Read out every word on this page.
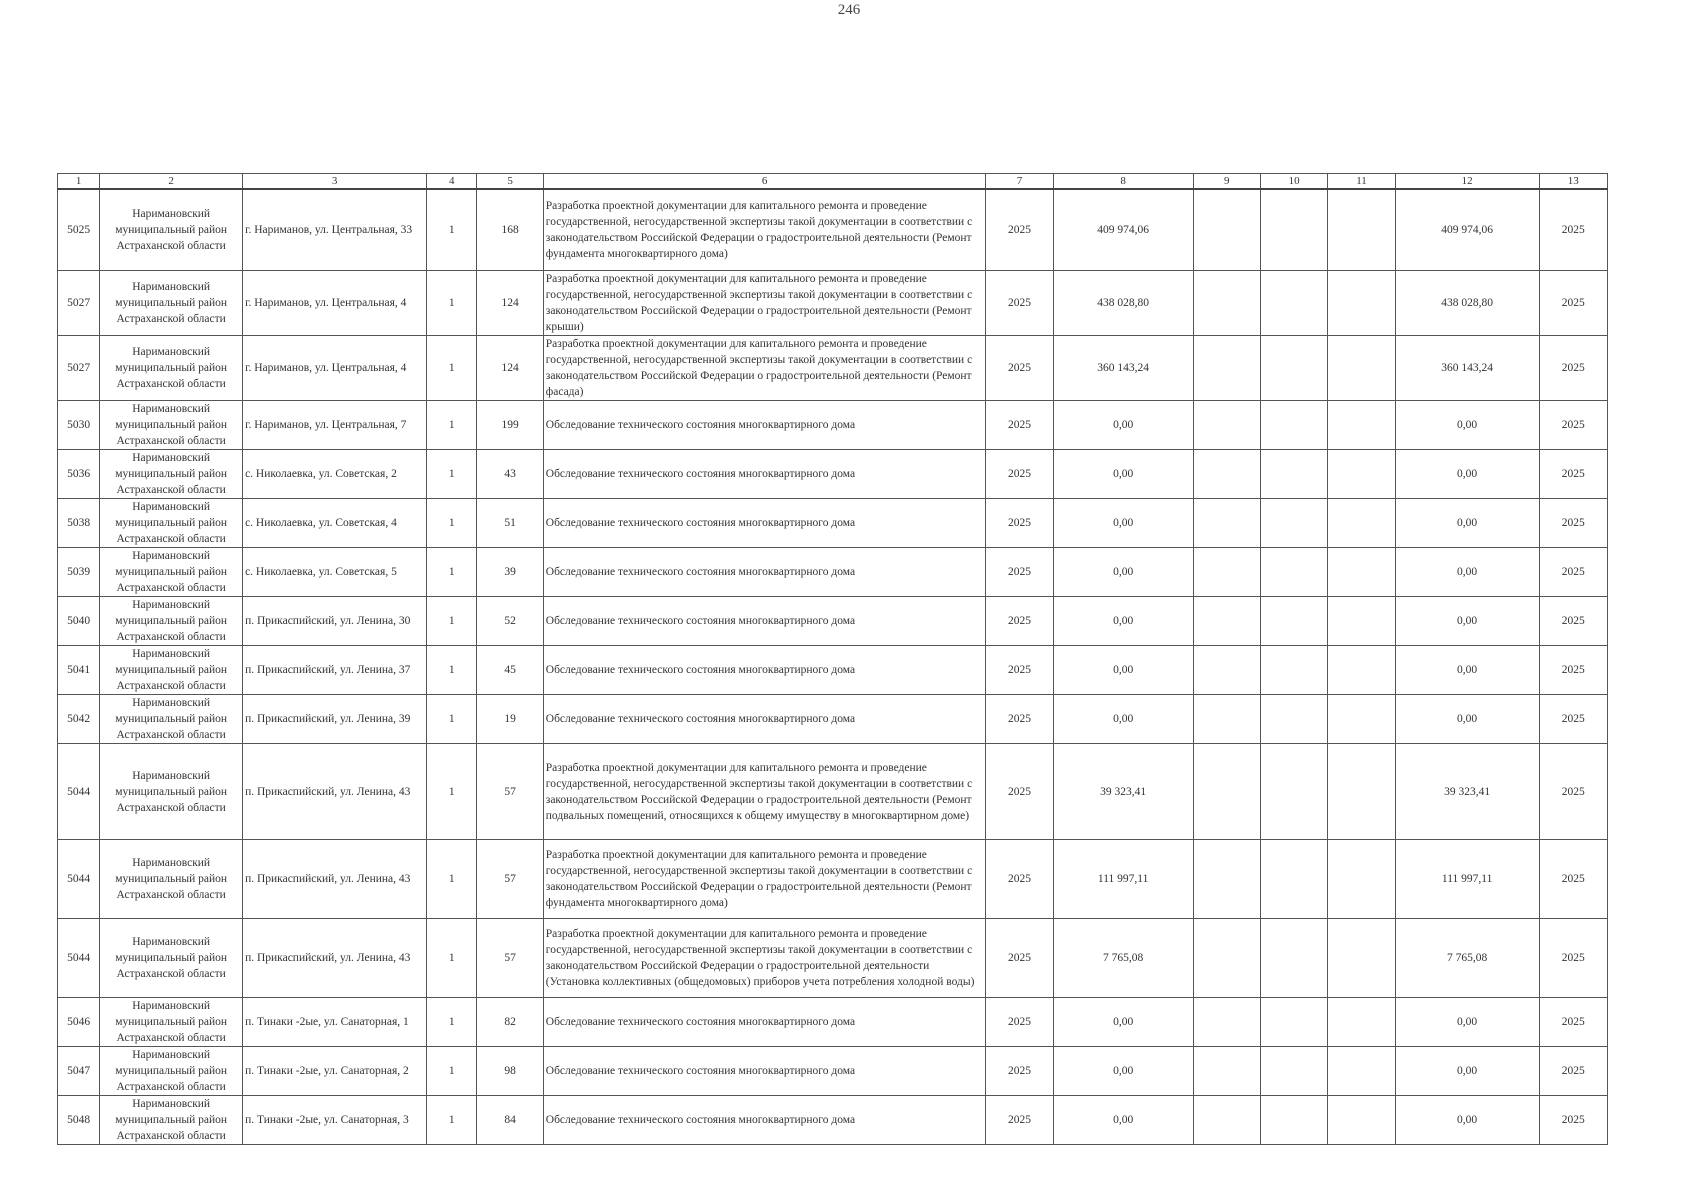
246
1	2	3	4	5	6	7	8	9	10	11	12	13
5025	Наримановский муниципальный район Астраханской области	г. Нариманов, ул. Центральная, 33	1	168	Разработка проектной документации для капитального ремонта и проведение государственной, негосударственной экспертизы такой документации в соответствии с законодательством Российской Федерации о градостроительной деятельности (Ремонт фундамента многоквартирного дома)	2025	409 974,06				409 974,06	2025
5027	Наримановский муниципальный район Астраханской области	г. Нариманов, ул. Центральная, 4	1	124	Разработка проектной документации для капитального ремонта и проведение государственной, негосударственной экспертизы такой документации в соответствии с законодательством Российской Федерации о градостроительной деятельности (Ремонт крыши)	2025	438 028,80				438 028,80	2025
5027	Наримановский муниципальный район Астраханской области	г. Нариманов, ул. Центральная, 4	1	124	Разработка проектной документации для капитального ремонта и проведение государственной, негосударственной экспертизы такой документации в соответствии с законодательством Российской Федерации о градостроительной деятельности (Ремонт фасада)	2025	360 143,24				360 143,24	2025
5030	Наримановский муниципальный район Астраханской области	г. Нариманов, ул. Центральная, 7	1	199	Обследование технического состояния многоквартирного дома	2025	0,00				0,00	2025
5036	Наримановский муниципальный район Астраханской области	с. Николаевка, ул. Советская, 2	1	43	Обследование технического состояния многоквартирного дома	2025	0,00				0,00	2025
5038	Наримановский муниципальный район Астраханской области	с. Николаевка, ул. Советская, 4	1	51	Обследование технического состояния многоквартирного дома	2025	0,00				0,00	2025
5039	Наримановский муниципальный район Астраханской области	с. Николаевка, ул. Советская, 5	1	39	Обследование технического состояния многоквартирного дома	2025	0,00				0,00	2025
5040	Наримановский муниципальный район Астраханской области	п. Прикаспийский, ул. Ленина, 30	1	52	Обследование технического состояния многоквартирного дома	2025	0,00				0,00	2025
5041	Наримановский муниципальный район Астраханской области	п. Прикаспийский, ул. Ленина, 37	1	45	Обследование технического состояния многоквартирного дома	2025	0,00				0,00	2025
5042	Наримановский муниципальный район Астраханской области	п. Прикаспийский, ул. Ленина, 39	1	19	Обследование технического состояния многоквартирного дома	2025	0,00				0,00	2025
5044	Наримановский муниципальный район Астраханской области	п. Прикаспийский, ул. Ленина, 43	1	57	Разработка проектной документации для капитального ремонта и проведение государственной, негосударственной экспертизы такой документации в соответствии с законодательством Российской Федерации о градостроительной деятельности (Ремонт подвальных помещений, относящихся к общему имуществу в многоквартирном доме)	2025	39 323,41				39 323,41	2025
5044	Наримановский муниципальный район Астраханской области	п. Прикаспийский, ул. Ленина, 43	1	57	Разработка проектной документации для капитального ремонта и проведение государственной, негосударственной экспертизы такой документации в соответствии с законодательством Российской Федерации о градостроительной деятельности (Ремонт фундамента многоквартирного дома)	2025	111 997,11				111 997,11	2025
5044	Наримановский муниципальный район Астраханской области	п. Прикаспийский, ул. Ленина, 43	1	57	Разработка проектной документации для капитального ремонта и проведение государственной, негосударственной экспертизы такой документации в соответствии с законодательством Российской Федерации о градостроительной деятельности (Установка коллективных (общедомовых) приборов учета потребления холодной воды)	2025	7 765,08				7 765,08	2025
5046	Наримановский муниципальный район Астраханской области	п. Тинаки -2ые, ул. Санаторная, 1	1	82	Обследование технического состояния многоквартирного дома	2025	0,00				0,00	2025
5047	Наримановский муниципальный район Астраханской области	п. Тинаки -2ые, ул. Санаторная, 2	1	98	Обследование технического состояния многоквартирного дома	2025	0,00				0,00	2025
5048	Наримановский муниципальный район Астраханской области	п. Тинаки -2ые, ул. Санаторная, 3	1	84	Обследование технического состояния многоквартирного дома	2025	0,00				0,00	2025
